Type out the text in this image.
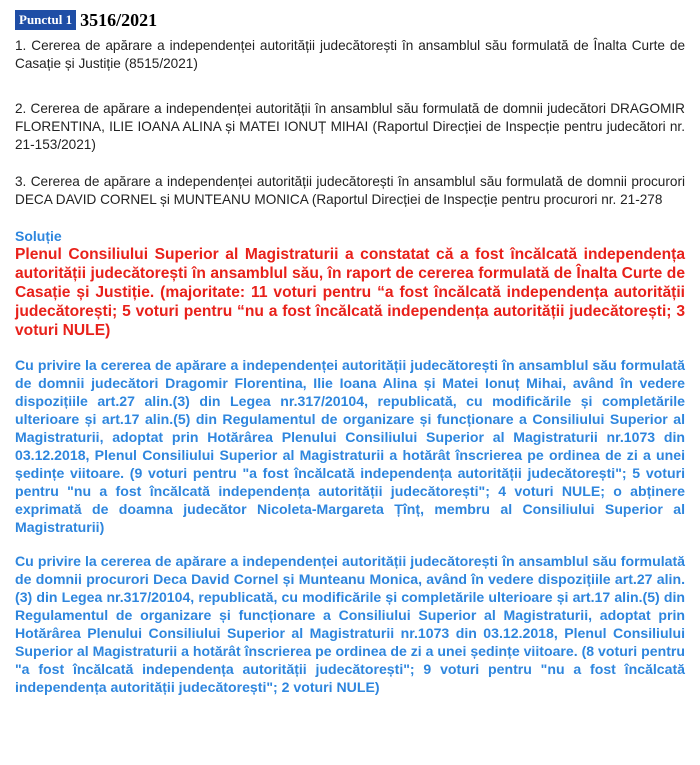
Punctul 1 3516/2021

1. Cererea de apărare a independenței autorității judecătorești în ansamblul său formulată de Înalta Curte de Casație și Justiție (8515/2021)

2. Cererea de apărare a independenței autorității în ansamblul său formulată de domnii judecători DRAGOMIR FLORENTINA, ILIE IOANA ALINA și MATEI IONUȚ MIHAI (Raportul Direcției de Inspecție pentru judecători nr. 21-153/2021)

3. Cererea de apărare a independenței autorității judecătorești în ansamblul său formulată de domnii procurori DECA DAVID CORNEL și MUNTEANU MONICA (Raportul Direcției de Inspecție pentru procurori nr. 21-278

Soluție

Plenul Consiliului Superior al Magistraturii a constatat că a fost încălcată independența autorității judecătorești în ansamblul său, în raport de cererea formulată de Înalta Curte de Casație și Justiție. (majoritate: 11 voturi pentru “a fost încălcată independența autorității judecătorești; 5 voturi pentru “nu a fost încălcată independența autorității judecătorești; 3 voturi NULE)

Cu privire la cererea de apărare a independenței autorității judecătorești în ansamblul său formulată de domnii judecători Dragomir Florentina, Ilie Ioana Alina și Matei Ionuț Mihai, având în vedere dispozițiile art.27 alin.(3) din Legea nr.317/20104, republicată, cu modificările și completările ulterioare și art.17 alin.(5) din Regulamentul de organizare și funcționare a Consiliului Superior al Magistraturii, adoptat prin Hotărârea Plenului Consiliului Superior al Magistraturii nr.1073 din 03.12.2018, Plenul Consiliului Superior al Magistraturii a hotărât înscrierea pe ordinea de zi a unei ședințe viitoare. (9 voturi pentru "a fost încălcată independența autorității judecătorești"; 5 voturi pentru "nu a fost încălcată independența autorității judecătorești"; 4 voturi NULE; o abținere exprimată de doamna judecător Nicoleta-Margareta Țînț, membru al Consiliului Superior al Magistraturii)

Cu privire la cererea de apărare a independenței autorității judecătorești în ansamblul său formulată de domnii procurori Deca David Cornel și Munteanu Monica, având în vedere dispozițiile art.27 alin.(3) din Legea nr.317/20104, republicată, cu modificările și completările ulterioare și art.17 alin.(5) din Regulamentul de organizare și funcționare a Consiliului Superior al Magistraturii, adoptat prin Hotărârea Plenului Consiliului Superior al Magistraturii nr.1073 din 03.12.2018, Plenul Consiliului Superior al Magistraturii a hotărât înscrierea pe ordinea de zi a unei ședințe viitoare. (8 voturi pentru "a fost încălcată independența autorității judecătorești"; 9 voturi pentru "nu a fost încălcată independența autorității judecătorești"; 2 voturi NULE)
